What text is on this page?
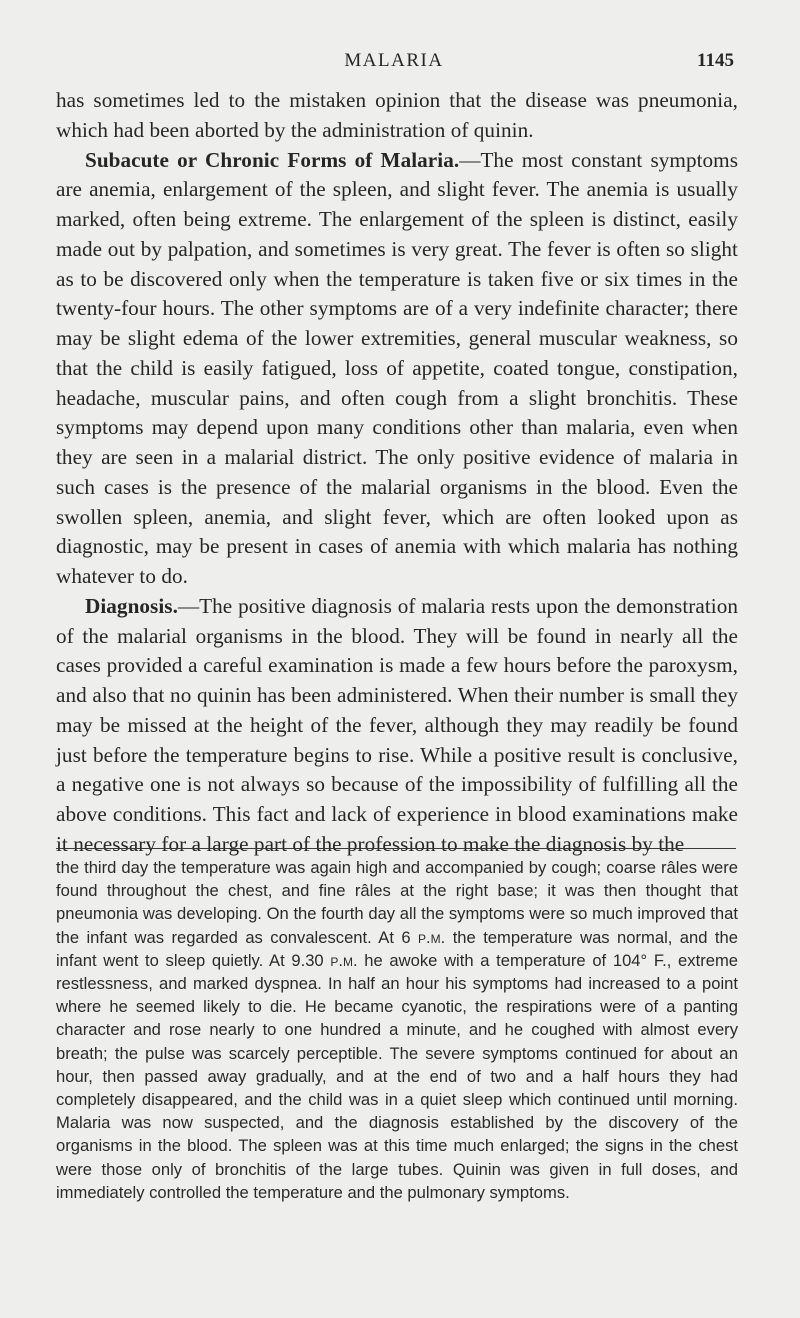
MALARIA	1145

has sometimes led to the mistaken opinion that the disease was pneumonia, which had been aborted by the administration of quinin.

Subacute or Chronic Forms of Malaria.—The most constant symptoms are anemia, enlargement of the spleen, and slight fever. The anemia is usually marked, often being extreme. The enlargement of the spleen is distinct, easily made out by palpation, and sometimes is very great. The fever is often so slight as to be discovered only when the temperature is taken five or six times in the twenty-four hours. The other symptoms are of a very indefinite character; there may be slight edema of the lower extremities, general muscular weakness, so that the child is easily fatigued, loss of appetite, coated tongue, constipation, headache, muscular pains, and often cough from a slight bronchitis. These symptoms may depend upon many conditions other than malaria, even when they are seen in a malarial district. The only positive evidence of malaria in such cases is the presence of the malarial organisms in the blood. Even the swollen spleen, anemia, and slight fever, which are often looked upon as diagnostic, may be present in cases of anemia with which malaria has nothing whatever to do.

Diagnosis.—The positive diagnosis of malaria rests upon the demonstration of the malarial organisms in the blood. They will be found in nearly all the cases provided a careful examination is made a few hours before the paroxysm, and also that no quinin has been administered. When their number is small they may be missed at the height of the fever, although they may readily be found just before the temperature begins to rise. While a positive result is conclusive, a negative one is not always so because of the impossibility of fulfilling all the above conditions. This fact and lack of experience in blood examinations make it necessary for a large part of the profession to make the diagnosis by the

the third day the temperature was again high and accompanied by cough; coarse râles were found throughout the chest, and fine râles at the right base; it was then thought that pneumonia was developing. On the fourth day all the symptoms were so much improved that the infant was regarded as convalescent. At 6 p.m. the temperature was normal, and the infant went to sleep quietly. At 9.30 p.m. he awoke with a temperature of 104° F., extreme restlessness, and marked dyspnea. In half an hour his symptoms had increased to a point where he seemed likely to die. He became cyanotic, the respirations were of a panting character and rose nearly to one hundred a minute, and he coughed with almost every breath; the pulse was scarcely perceptible. The severe symptoms continued for about an hour, then passed away gradually, and at the end of two and a half hours they had completely disappeared, and the child was in a quiet sleep which continued until morning. Malaria was now suspected, and the diagnosis established by the discovery of the organisms in the blood. The spleen was at this time much enlarged; the signs in the chest were those only of bronchitis of the large tubes. Quinin was given in full doses, and immediately controlled the temperature and the pulmonary symptoms.
